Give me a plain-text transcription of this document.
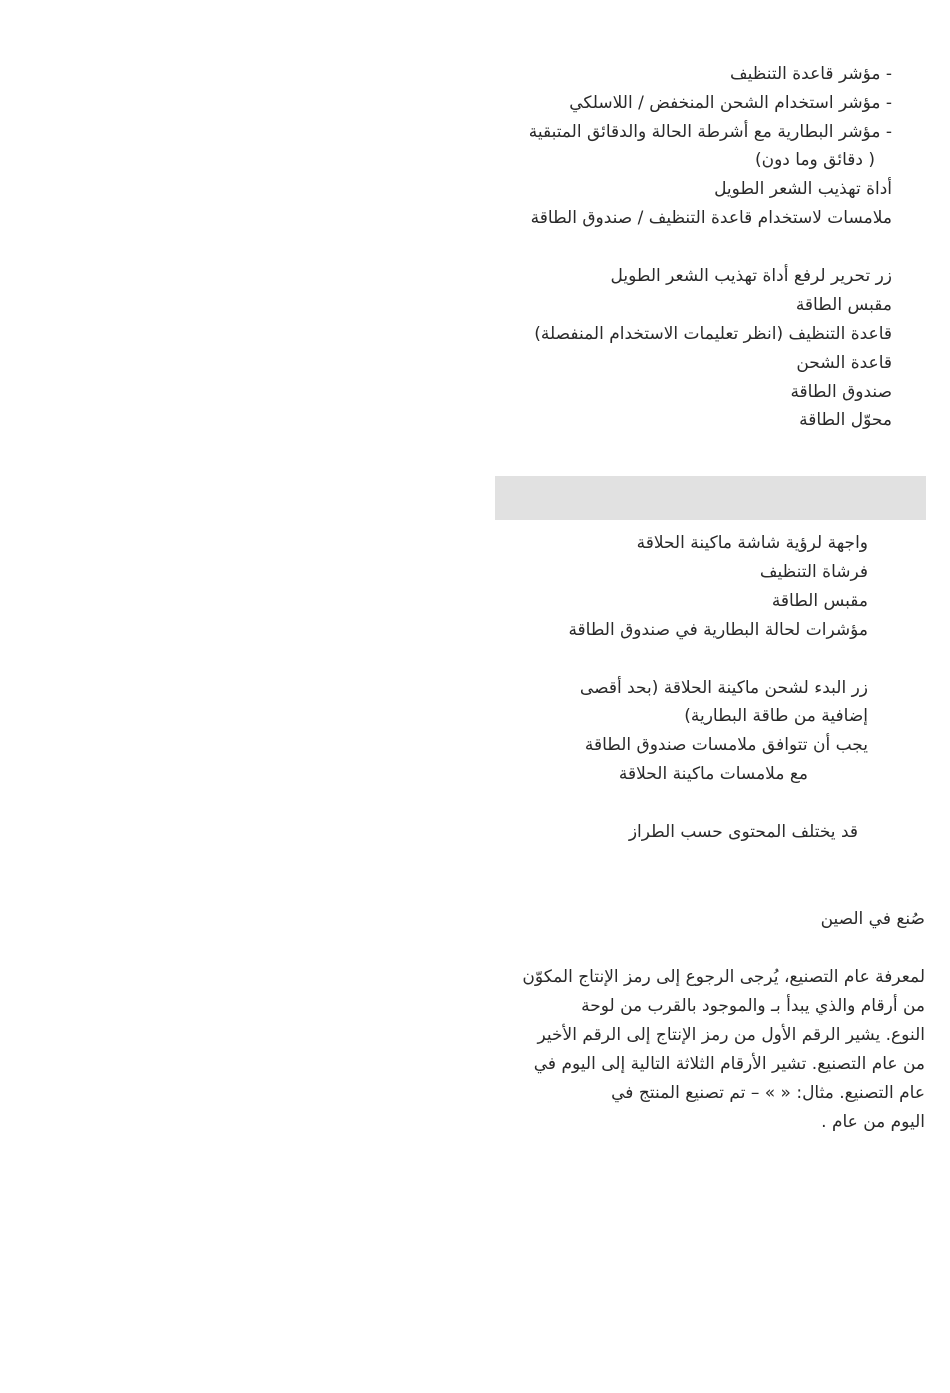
- مؤشر قاعدة التنظيف
- مؤشر استخدام الشحن المنخفض / اللاسلكي
- مؤشر البطارية مع أشرطة الحالة والدقائق المتبقية
( دقائق وما دون)
أداة تهذيب الشعر الطويل
ملامسات لاستخدام قاعدة التنظيف / صندوق الطاقة
زر تحرير لرفع أداة تهذيب الشعر الطويل
مقبس الطاقة
قاعدة التنظيف (انظر تعليمات الاستخدام المنفصلة)
قاعدة الشحن
صندوق الطاقة
محوّل الطاقة
واجهة لرؤية شاشة ماكينة الحلاقة
فرشاة التنظيف
مقبس الطاقة
مؤشرات لحالة البطارية في صندوق الطاقة
زر البدء لشحن ماكينة الحلاقة (بحد أقصى
إضافية من طاقة البطارية)
يجب أن تتوافق ملامسات صندوق الطاقة
مع ملامسات ماكينة الحلاقة
قد يختلف المحتوى حسب الطراز
صُنع في الصين
لمعرفة عام التصنيع، يُرجى الرجوع إلى رمز الإنتاج المكوّن
من أرقام والذي يبدأ بـ والموجود بالقرب من لوحة
النوع. يشير الرقم الأول من رمز الإنتاج إلى الرقم الأخير
من عام التصنيع. تشير الأرقام الثلاثة التالية إلى اليوم في
عام التصنيع. مثال: « » – تم تصنيع المنتج في
اليوم من عام .
